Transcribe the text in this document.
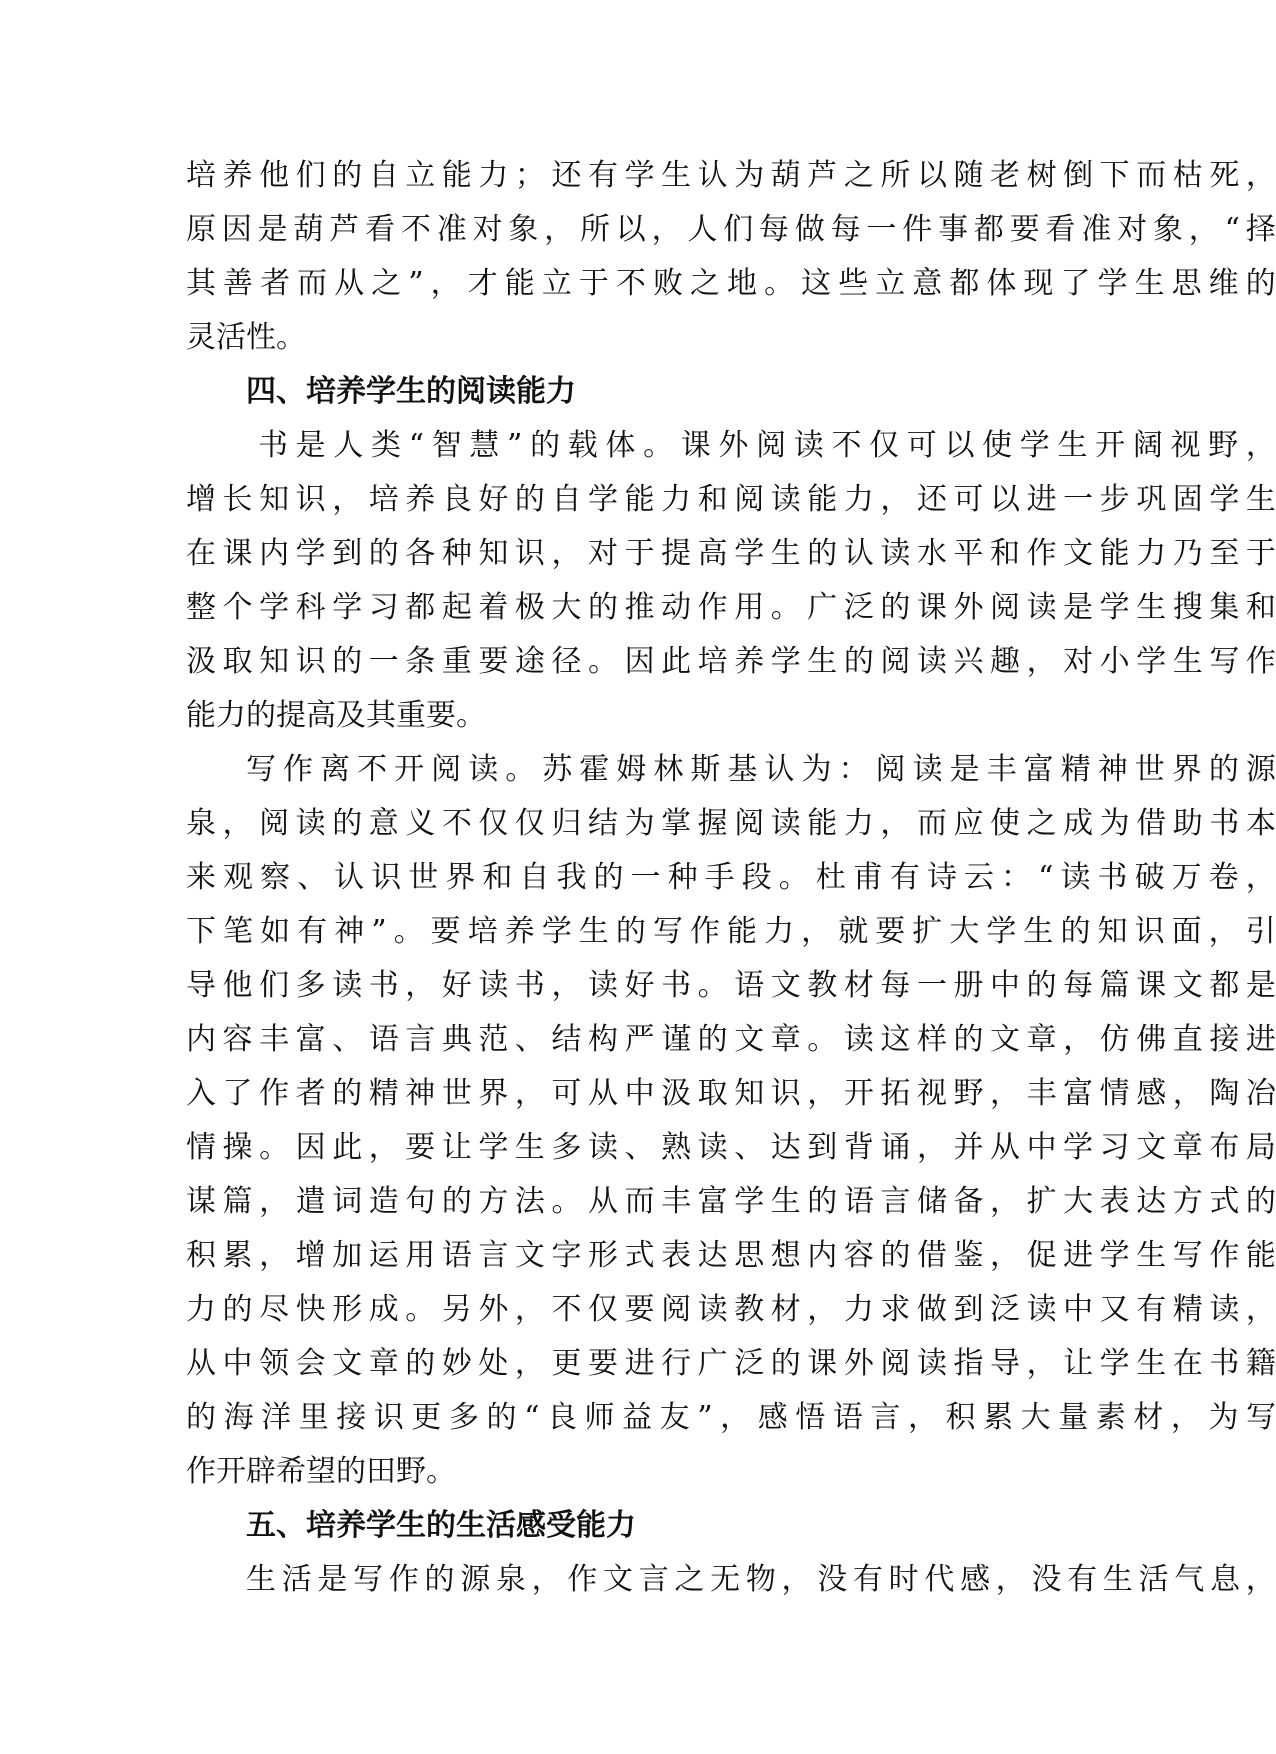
培 养 他 们 的 自 立 能 力 ； 还 有 学 生 认 为 葫 芦 之 所 以 随 老 树 倒 下 而 枯 死 ，
原 因 是 葫 芦 看 不 准 对 象 ， 所 以 ， 人 们 每 做 每 一 件 事 都 要 看 准 对 象 ， “ 择
其 善 者 而 从 之 ” ， 才 能 立 于 不 败 之 地 。 这 些 立 意 都 体 现 了 学 生 思 维 的
灵活性。
四、培养学生的阅读能力
书 是 人 类 “ 智 慧 ” 的 载 体 。 课 外 阅 读 不 仅 可 以 使 学 生 开 阔 视 野 ，
增 长 知 识 ， 培 养 良 好 的 自 学 能 力 和 阅 读 能 力 ， 还 可 以 进 一 步 巩 固 学 生
在 课 内 学 到 的 各 种 知 识 ， 对 于 提 高 学 生 的 认 读 水 平 和 作 文 能 力 乃 至 于
整 个 学 科 学 习 都 起 着 极 大 的 推 动 作 用 。 广 泛 的 课 外 阅 读 是 学 生 搜 集 和
汲 取 知 识 的 一 条 重 要 途 径 。 因 此 培 养 学 生 的 阅 读 兴 趣 ， 对 小 学 生 写 作
能力的提高及其重要。
写 作 离 不 开 阅 读 。 苏 霍 姆 林 斯 基 认 为 ： 阅 读 是 丰 富 精 神 世 界 的 源
泉 ， 阅 读 的 意 义 不 仅 仅 归 结 为 掌 握 阅 读 能 力 ， 而 应 使 之 成 为 借 助 书 本
来 观 察 、 认 识 世 界 和 自 我 的 一 种 手 段 。 杜 甫 有 诗 云 ： “ 读 书 破 万 卷 ，
下 笔 如 有 神 ” 。 要 培 养 学 生 的 写 作 能 力 ， 就 要 扩 大 学 生 的 知 识 面 ， 引
导 他 们 多 读 书 ， 好 读 书 ， 读 好 书 。 语 文 教 材 每 一 册 中 的 每 篇 课 文 都 是
内 容 丰 富 、 语 言 典 范 、 结 构 严 谨 的 文 章 。 读 这 样 的 文 章 ， 仿 佛 直 接 进
入 了 作 者 的 精 神 世 界 ， 可 从 中 汲 取 知 识 ， 开 拓 视 野 ， 丰 富 情 感 ， 陶 冶
情 操 。 因 此 ， 要 让 学 生 多 读 、 熟 读 、 达 到 背 诵 ， 并 从 中 学 习 文 章 布 局
谋 篇 ， 遣 词 造 句 的 方 法 。 从 而 丰 富 学 生 的 语 言 储 备 ， 扩 大 表 达 方 式 的
积 累 ， 增 加 运 用 语 言 文 字 形 式 表 达 思 想 内 容 的 借 鉴 ， 促 进 学 生 写 作 能
力 的 尽 快 形 成 。 另 外 ， 不 仅 要 阅 读 教 材 ， 力 求 做 到 泛 读 中 又 有 精 读 ，
从 中 领 会 文 章 的 妙 处 ， 更 要 进 行 广 泛 的 课 外 阅 读 指 导 ， 让 学 生 在 书 籍
的 海 洋 里 接 识 更 多 的 “ 良 师 益 友 ” ， 感 悟 语 言 ， 积 累 大 量 素 材 ， 为 写
作开辟希望的田野。
五、培养学生的生活感受能力
生 活 是 写 作 的 源 泉 ， 作 文 言 之 无 物 ， 没 有 时 代 感 ， 没 有 生 活 气 息 ，
